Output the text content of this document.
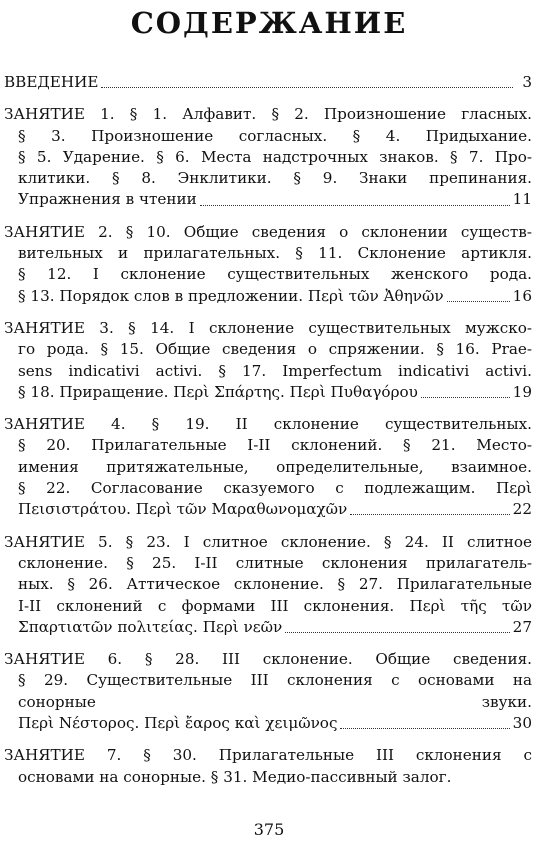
СОДЕРЖАНИЕ
ВВЕДЕНИЕ	3
ЗАНЯТИЕ 1. § 1. Алфавит. § 2. Произношение гласных.
§ 3. Произношение согласных. § 4. Придыхание.
§ 5. Ударение. § 6. Места надстрочных знаков. § 7. Про-
клитики. § 8. Энклитики. § 9. Знаки препинания.
Упражнения в чтении	11
ЗАНЯТИЕ 2. § 10. Общие сведения о склонении существ-
вительных и прилагательных. § 11. Склонение артикля.
§ 12. I склонение существительных женского рода.
§ 13. Порядок слов в предложении. Περὶ τῶν Ἀθηνῶν	16
ЗАНЯТИЕ 3. § 14. I склонение существительных мужско-
го рода. § 15. Общие сведения о спряжении. § 16. Prae-
sens indicativi activi. § 17. Imperfectum indicativi activi.
§ 18. Приращение. Περὶ Σπάρτης. Περὶ Πυθαγόρου	19
ЗАНЯТИЕ 4. § 19. II склонение существительных.
§ 20. Прилагательные I-II склонений. § 21. Место-
имения притяжательные, определительные, взаимное.
§ 22. Согласование сказуемого с подлежащим. Περὶ
Πεισιστράτου. Περὶ τῶν Μαραθωνομαχῶν	22
ЗАНЯТИЕ 5. § 23. I слитное склонение. § 24. II слитное
склонение. § 25. I-II слитные склонения прилагатель-
ных. § 26. Аттическое склонение. § 27. Прилагательные
I-II склонений с формами III склонения. Περὶ τῆς τῶν
Σπαρτιατῶν πολιτείας. Περὶ νεῶν	27
ЗАНЯТИЕ 6. § 28. III склонение. Общие сведения.
§ 29. Существительные III склонения с основами на
сонорные звуки.
Περὶ Νέστορος. Περὶ ἔαρος καὶ χειμῶνος	30
ЗАНЯТИЕ 7. § 30. Прилагательные III склонения с
основами на сонорные. § 31. Медио-пассивный залог.
375
